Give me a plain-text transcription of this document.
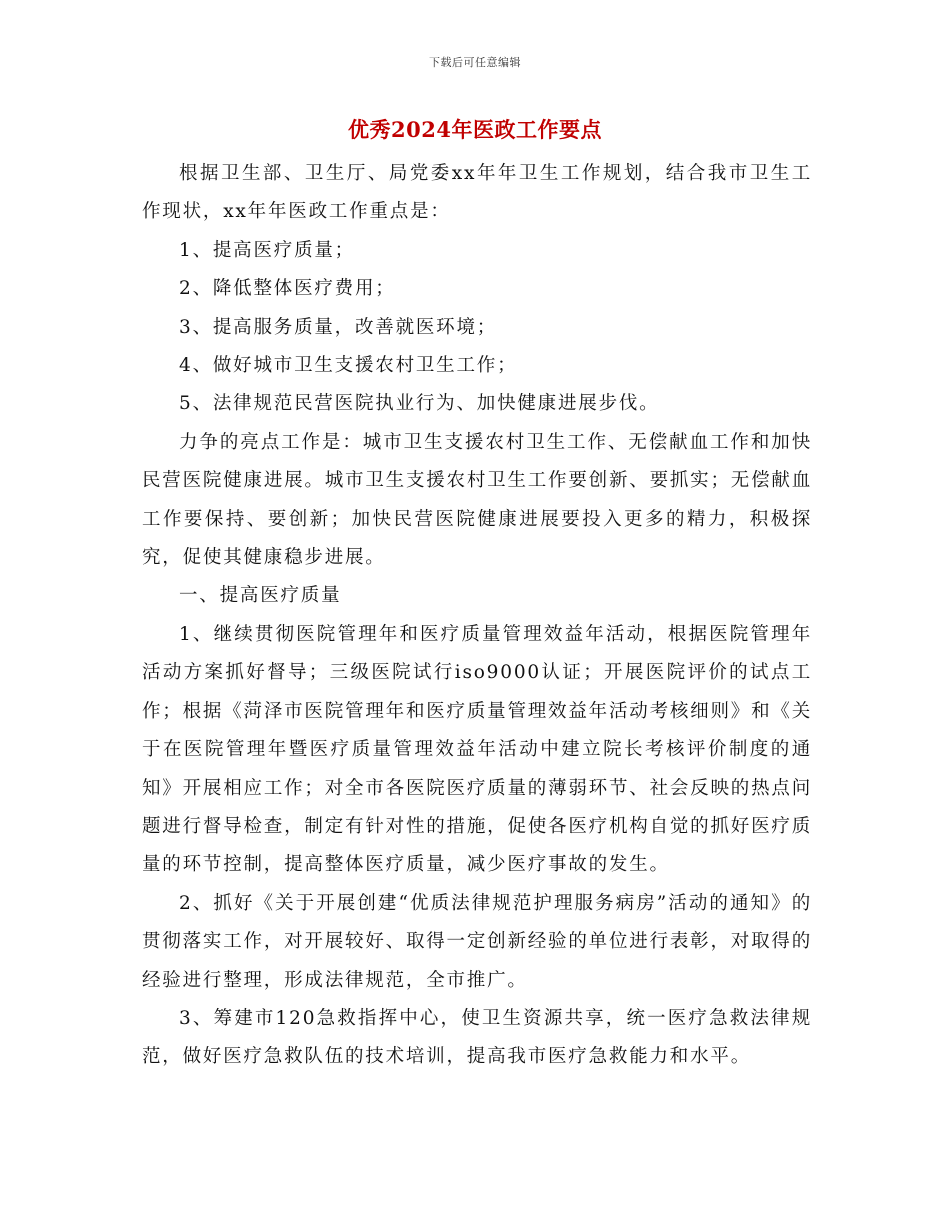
下载后可任意编辑
优秀2024年医政工作要点

根据卫生部、卫生厅、局党委xx年年卫生工作规划，结合我市卫生工作现状，xx年年医政工作重点是：

1、提高医疗质量；

2、降低整体医疗费用；

3、提高服务质量，改善就医环境；

4、做好城市卫生支援农村卫生工作；

5、法律规范民营医院执业行为、加快健康进展步伐。

力争的亮点工作是：城市卫生支援农村卫生工作、无偿献血工作和加快民营医院健康进展。城市卫生支援农村卫生工作要创新、要抓实；无偿献血工作要保持、要创新；加快民营医院健康进展要投入更多的精力，积极探究，促使其健康稳步进展。

一、提高医疗质量

1、继续贯彻医院管理年和医疗质量管理效益年活动，根据医院管理年活动方案抓好督导；三级医院试行iso9000认证；开展医院评价的试点工作；根据《菏泽市医院管理年和医疗质量管理效益年活动考核细则》和《关于在医院管理年暨医疗质量管理效益年活动中建立院长考核评价制度的通知》开展相应工作；对全市各医院医疗质量的薄弱环节、社会反映的热点问题进行督导检查，制定有针对性的措施，促使各医疗机构自觉的抓好医疗质量的环节控制，提高整体医疗质量，减少医疗事故的发生。

2、抓好《关于开展创建“优质法律规范护理服务病房”活动的通知》的贯彻落实工作，对开展较好、取得一定创新经验的单位进行表彰，对取得的经验进行整理，形成法律规范，全市推广。

3、筹建市120急救指挥中心，使卫生资源共享，统一医疗急救法律规范，做好医疗急救队伍的技术培训，提高我市医疗急救能力和水平。
